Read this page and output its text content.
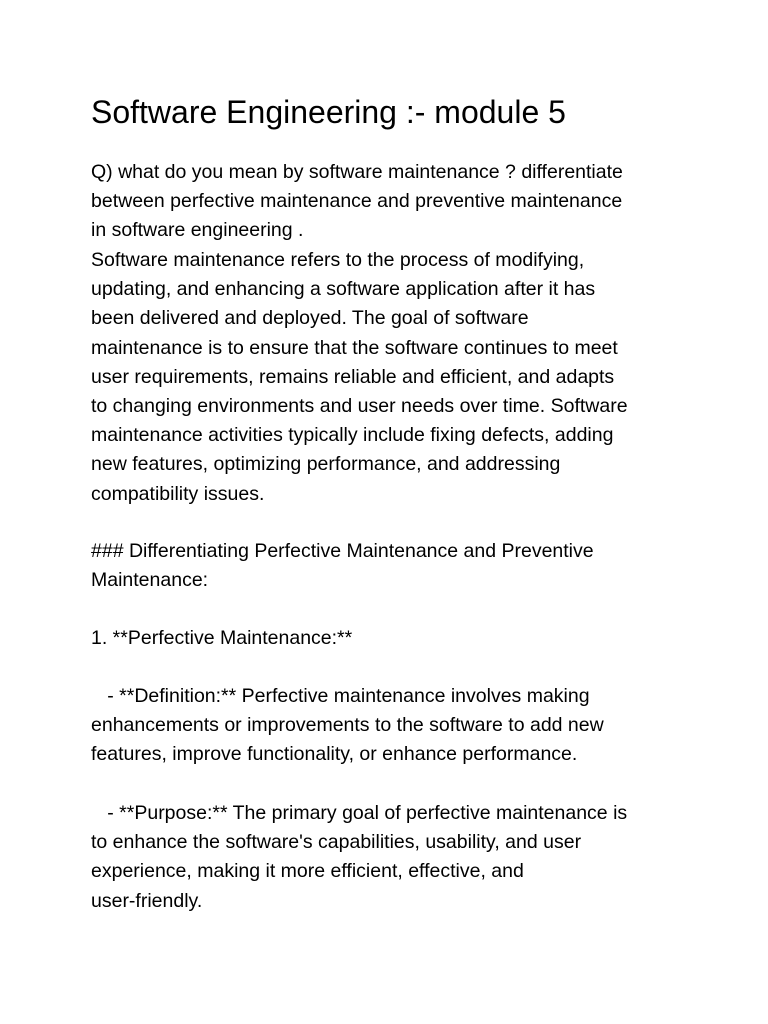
Software Engineering :- module 5

Q) what do you mean by software maintenance ? differentiate
between perfective maintenance and preventive maintenance
in software engineering .

Software maintenance refers to the process of modifying,
updating, and enhancing a software application after it has
been delivered and deployed. The goal of software
maintenance is to ensure that the software continues to meet
user requirements, remains reliable and efficient, and adapts
to changing environments and user needs over time. Software
maintenance activities typically include fixing defects, adding
new features, optimizing performance, and addressing
compatibility issues.

### Differentiating Perfective Maintenance and Preventive
Maintenance:

1. **Perfective Maintenance:**

- **Definition:** Perfective maintenance involves making
enhancements or improvements to the software to add new
features, improve functionality, or enhance performance.

- **Purpose:** The primary goal of perfective maintenance is
to enhance the software's capabilities, usability, and user
experience, making it more efficient, effective, and
user-friendly.
